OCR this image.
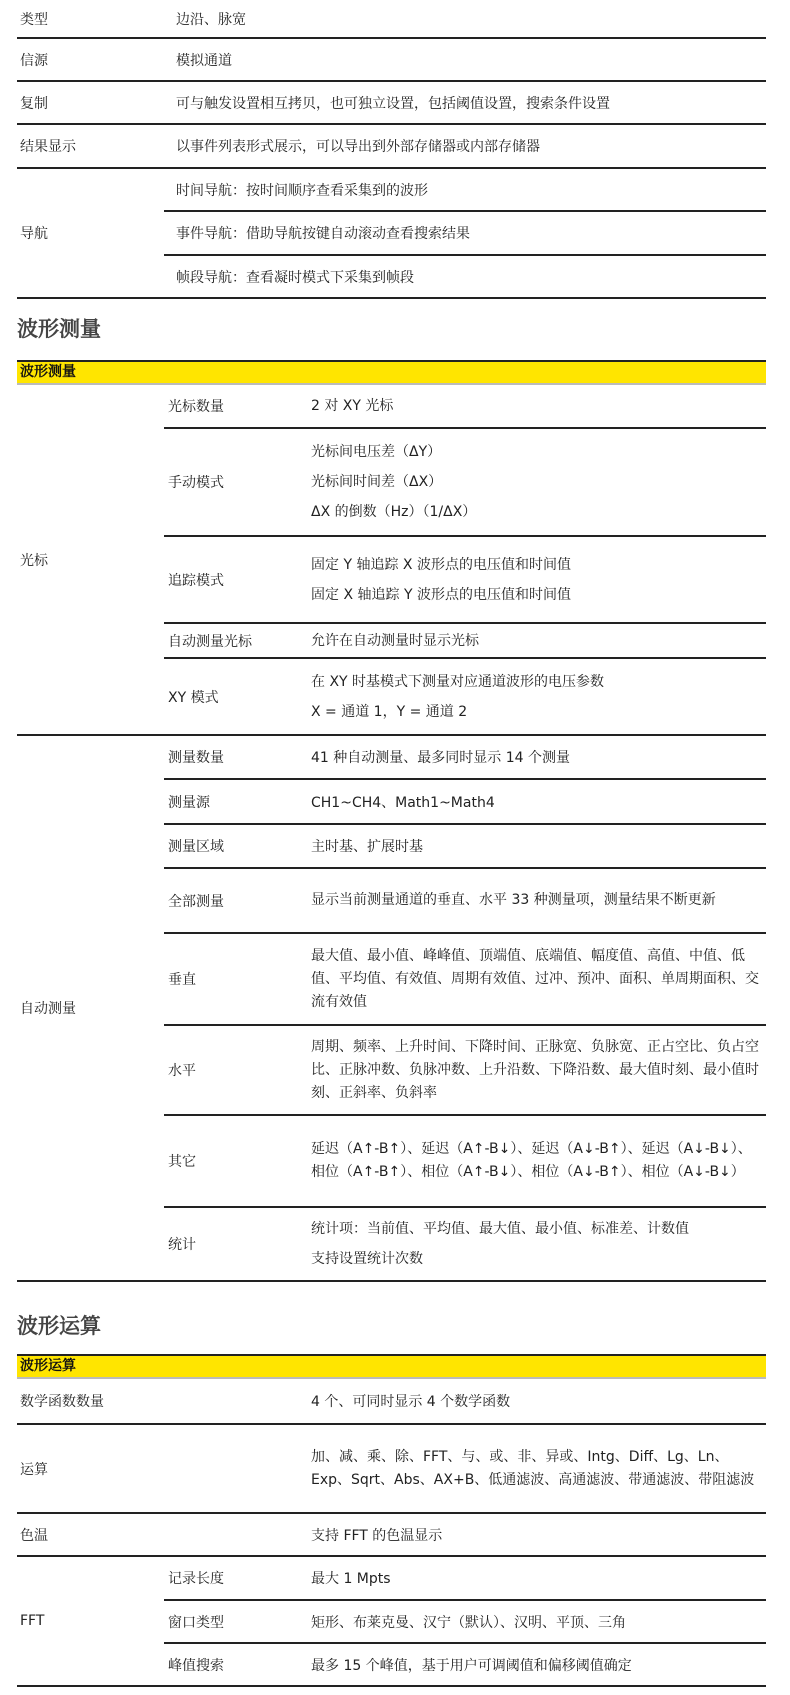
类型	边沿、脉宽
信源	模拟通道
复制	可与触发设置相互拷贝，也可独立设置，包括阈值设置，搜索条件设置
结果显示	以事件列表形式展示，可以导出到外部存储器或内部存储器
导航	时间导航：按时间顺序查看采集到的波形
	事件导航：借助导航按键自动滚动查看搜索结果
	帧段导航：查看凝时模式下采集到帧段
波形测量
波形测量
光标	光标数量	2 对 XY 光标

	手动模式	光标间电压差（ΔY）
光标间时间差（ΔX）
ΔX 的倒数（Hz）（1/ΔX）

	追踪模式	固定 Y 轴追踪 X 波形点的电压值和时间值
固定 X 轴追踪 Y 波形点的电压值和时间值

	自动测量光标	允许在自动测量时显示光标

	XY 模式	在 XY 时基模式下测量对应通道波形的电压参数
X = 通道 1，Y = 通道 2

自动测量	测量数量	41 种自动测量、最多同时显示 14 个测量
	测量源	CH1~CH4、Math1~Math4
	测量区域	主时基、扩展时基
	全部测量	显示当前测量通道的垂直、水平 33 种测量项，测量结果不断更新

	垂直	最大值、最小值、峰峰值、顶端值、底端值、幅度值、高值、中值、低值、平均值、有效值、周期有效值、过冲、预冲、面积、单周期面积、交流有效值

	水平	周期、频率、上升时间、下降时间、正脉宽、负脉宽、正占空比、负占空比、正脉冲数、负脉冲数、上升沿数、下降沿数、最大值时刻、最小值时刻、正斜率、负斜率

	其它	延迟（A↑-B↑）、延迟（A↑-B↓）、延迟（A↓-B↑）、延迟（A↓-B↓）、相位（A↑-B↑）、相位（A↑-B↓）、相位（A↓-B↑）、相位（A↓-B↓）

	统计	统计项：当前值、平均值、最大值、最小值、标准差、计数值
支持设置统计次数
波形运算
波形运算
数学函数数量		4 个、可同时显示 4 个数学函数
运算		加、减、乘、除、FFT、与、或、非、异或、Intg、Diff、Lg、Ln、Exp、Sqrt、Abs、AX+B、低通滤波、高通滤波、带通滤波、带阻滤波

色温		支持 FFT 的色温显示
FFT	记录长度	最大 1 Mpts
	窗口类型	矩形、布莱克曼、汉宁（默认）、汉明、平顶、三角
	峰值搜索	最多 15 个峰值，基于用户可调阈值和偏移阈值确定
